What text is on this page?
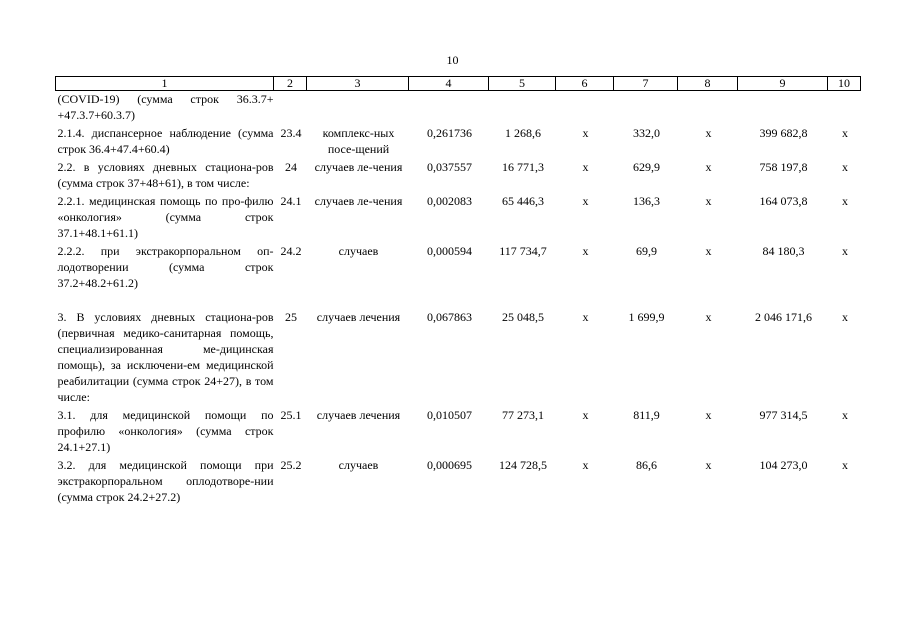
10
1	2	3	4	5	6	7	8	9	10
(COVID-19) (сумма строк 36.3.7+ +47.3.7+60.3.7)									
2.1.4. диспансерное наблюдение (сумма строк 36.4+47.4+60.4)	23.4	комплекс-ных посе-щений	0,261736	1 268,6	х	332,0	х	399 682,8	х
2.2. в условиях дневных стациона-ров (сумма строк 37+48+61), в том числе:	24	случаев ле-чения	0,037557	16 771,3	х	629,9	х	758 197,8	х
2.2.1. медицинская помощь по про-филю «онкология» (сумма строк 37.1+48.1+61.1)	24.1	случаев ле-чения	0,002083	65 446,3	х	136,3	х	164 073,8	х
2.2.2. при экстракорпоральном оп-лодотворении (сумма строк 37.2+48.2+61.2)	24.2	случаев	0,000594	117 734,7	х	69,9	х	84 180,3	х

3. В условиях дневных стациона-ров (первичная медико-санитарная помощь, специализированная ме-дицинская помощь), за исключени-ем медицинской реабилитации (сумма строк 24+27), в том числе:	25	случаев лечения	0,067863	25 048,5	х	1 699,9	х	2 046 171,6	х
3.1. для медицинской помощи по профилю «онкология» (сумма строк 24.1+27.1)	25.1	случаев лечения	0,010507	77 273,1	х	811,9	х	977 314,5	х
3.2. для медицинской помощи при экстракорпоральном оплодотворе-нии (сумма строк 24.2+27.2)	25.2	случаев	0,000695	124 728,5	х	86,6	х	104 273,0	х
